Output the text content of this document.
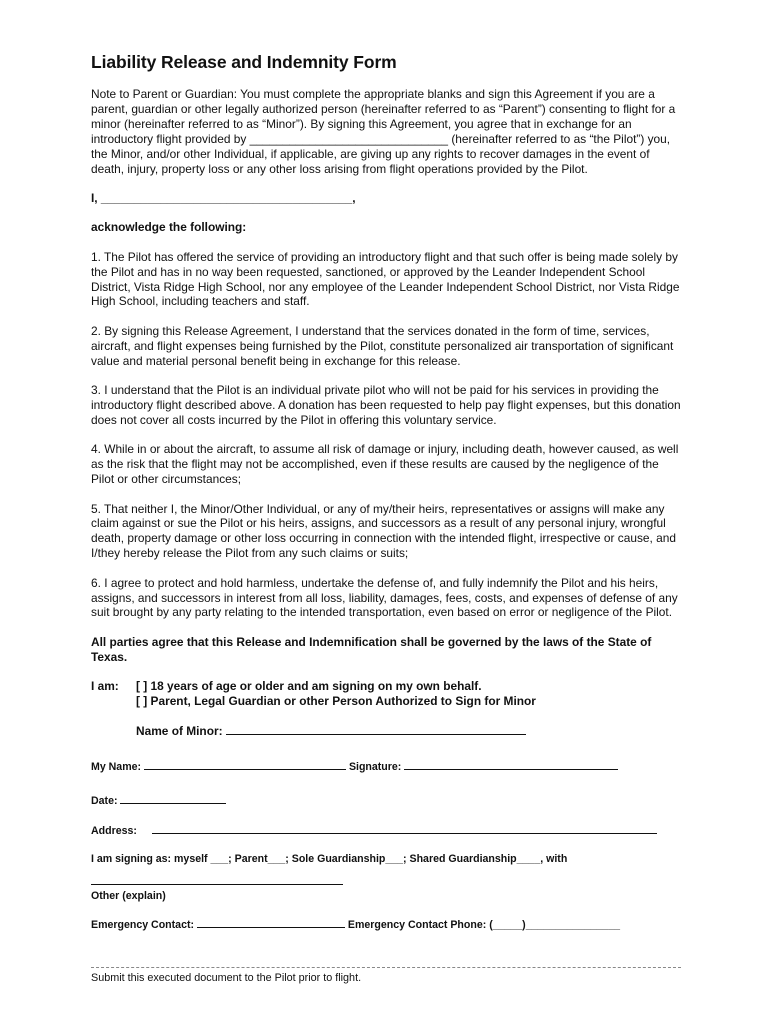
Liability Release and Indemnity Form

Note to Parent or Guardian: You must complete the appropriate blanks and sign this Agreement if you are a parent, guardian or other legally authorized person (hereinafter referred to as “Parent”) consenting to flight for a minor (hereinafter referred to as “Minor”). By signing this Agreement, you agree that in exchange for an introductory flight provided by ______________________________ (hereinafter referred to as “the Pilot”) you, the Minor, and/or other Individual, if applicable, are giving up any rights to recover damages in the event of death, injury, property loss or any other loss arising from flight operations provided by the Pilot.

I, ______________________________________,

acknowledge the following:

1. The Pilot has offered the service of providing an introductory flight and that such offer is being made solely by the Pilot and has in no way been requested, sanctioned, or approved by the Leander Independent School District, Vista Ridge High School, nor any employee of the Leander Independent School District, nor Vista Ridge High School, including teachers and staff.

2. By signing this Release Agreement, I understand that the services donated in the form of time, services, aircraft, and flight expenses being furnished by the Pilot, constitute personalized air transportation of significant value and material personal benefit being in exchange for this release.

3. I understand that the Pilot is an individual private pilot who will not be paid for his services in providing the introductory flight described above. A donation has been requested to help pay flight expenses, but this donation does not cover all costs incurred by the Pilot in offering this voluntary service.

4. While in or about the aircraft, to assume all risk of damage or injury, including death, however caused, as well as the risk that the flight may not be accomplished, even if these results are caused by the negligence of the Pilot or other circumstances;

5. That neither I, the Minor/Other Individual, or any of my/their heirs, representatives or assigns will make any claim against or sue the Pilot or his heirs, assigns, and successors as a result of any personal injury, wrongful death, property damage or other loss occurring in connection with the intended flight, irrespective or cause, and I/they hereby release the Pilot from any such claims or suits;

6. I agree to protect and hold harmless, undertake the defense of, and fully indemnify the Pilot and his heirs, assigns, and successors in interest from all loss, liability, damages, fees, costs, and expenses of defense of any suit brought by any party relating to the intended transportation, even based on error or negligence of the Pilot.

All parties agree that this Release and Indemnification shall be governed by the laws of the State of Texas.

I am:	[ ] 18 years of age or older and am signing on my own behalf.
[ ] Parent, Legal Guardian or other Person Authorized to Sign for Minor
Name of Minor:
My Name:	Signature:
Date:
Address:
I am signing as: myself ___; Parent___; Sole Guardianship___; Shared Guardianship____, with
Other (explain)
Emergency Contact:	Emergency Contact Phone: (_____)________________
Submit this executed document to the Pilot prior to flight.
